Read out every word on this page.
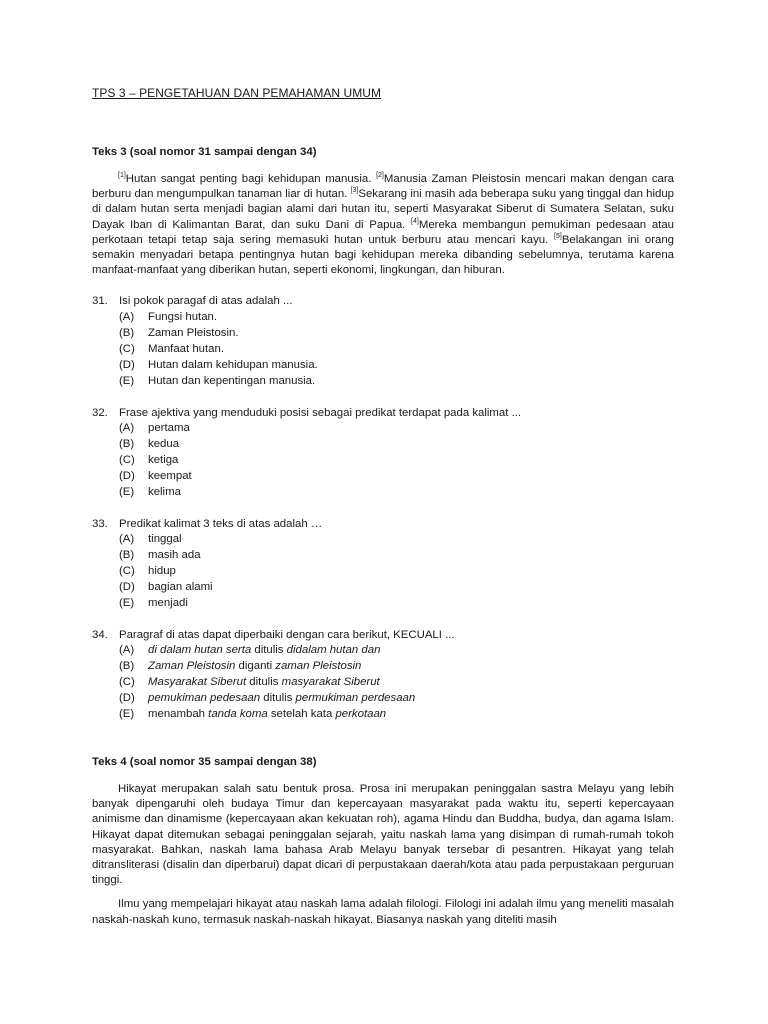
TPS 3 – PENGETAHUAN DAN PEMAHAMAN UMUM
Teks 3 (soal nomor 31 sampai dengan 34)

[1]Hutan sangat penting bagi kehidupan manusia. [2]Manusia Zaman Pleistosin mencari makan dengan cara berburu dan mengumpulkan tanaman liar di hutan. [3]Sekarang ini masih ada beberapa suku yang tinggal dan hidup di dalam hutan serta menjadi bagian alami dari hutan itu, seperti Masyarakat Siberut di Sumatera Selatan, suku Dayak Iban di Kalimantan Barat, dan suku Dani di Papua. [4]Mereka membangun pemukiman pedesaan atau perkotaan tetapi tetap saja sering memasuki hutan untuk berburu atau mencari kayu. [5]Belakangan ini orang semakin menyadari betapa pentingnya hutan bagi kehidupan mereka dibanding sebelumnya, terutama karena manfaat-manfaat yang diberikan hutan, seperti ekonomi, lingkungan, dan hiburan.

31. Isi pokok paragaf di atas adalah ...
(A)	Fungsi hutan.
(B)	Zaman Pleistosin.
(C)	Manfaat hutan.
(D)	Hutan dalam kehidupan manusia.
(E)	Hutan dan kepentingan manusia.
32. Frase ajektiva yang menduduki posisi sebagai predikat terdapat pada kalimat ...
(A)	pertama
(B)	kedua
(C)	ketiga
(D)	keempat
(E)	kelima
33. Predikat kalimat 3 teks di atas adalah …
(A)	tinggal
(B)	masih ada
(C)	hidup
(D)	bagian alami
(E)	menjadi
34. Paragraf di atas dapat diperbaiki dengan cara berikut, KECUALI ...
(A)	di dalam hutan serta ditulis didalam hutan dan
(B)	Zaman Pleistosin diganti zaman Pleistosin
(C)	Masyarakat Siberut ditulis masyarakat Siberut
(D)	pemukiman pedesaan ditulis permukiman perdesaan
(E)	menambah tanda koma setelah kata perkotaan
Teks 4 (soal nomor 35 sampai dengan 38)

Hikayat merupakan salah satu bentuk prosa. Prosa ini merupakan peninggalan sastra Melayu yang lebih banyak dipengaruhi oleh budaya Timur dan kepercayaan masyarakat pada waktu itu, seperti kepercayaan animisme dan dinamisme (kepercayaan akan kekuatan roh), agama Hindu dan Buddha, budya, dan agama Islam. Hikayat dapat ditemukan sebagai peninggalan sejarah, yaitu naskah lama yang disimpan di rumah-rumah tokoh masyarakat. Bahkan, naskah lama bahasa Arab Melayu banyak tersebar di pesantren. Hikayat yang telah ditransliterasi (disalin dan diperbarui) dapat dicari di perpustakaan daerah/kota atau pada perpustakaan perguruan tinggi.

Ilmu yang mempelajari hikayat atau naskah lama adalah filologi. Filologi ini adalah ilmu yang meneliti masalah naskah-naskah kuno, termasuk naskah-naskah hikayat. Biasanya naskah yang diteliti masih
